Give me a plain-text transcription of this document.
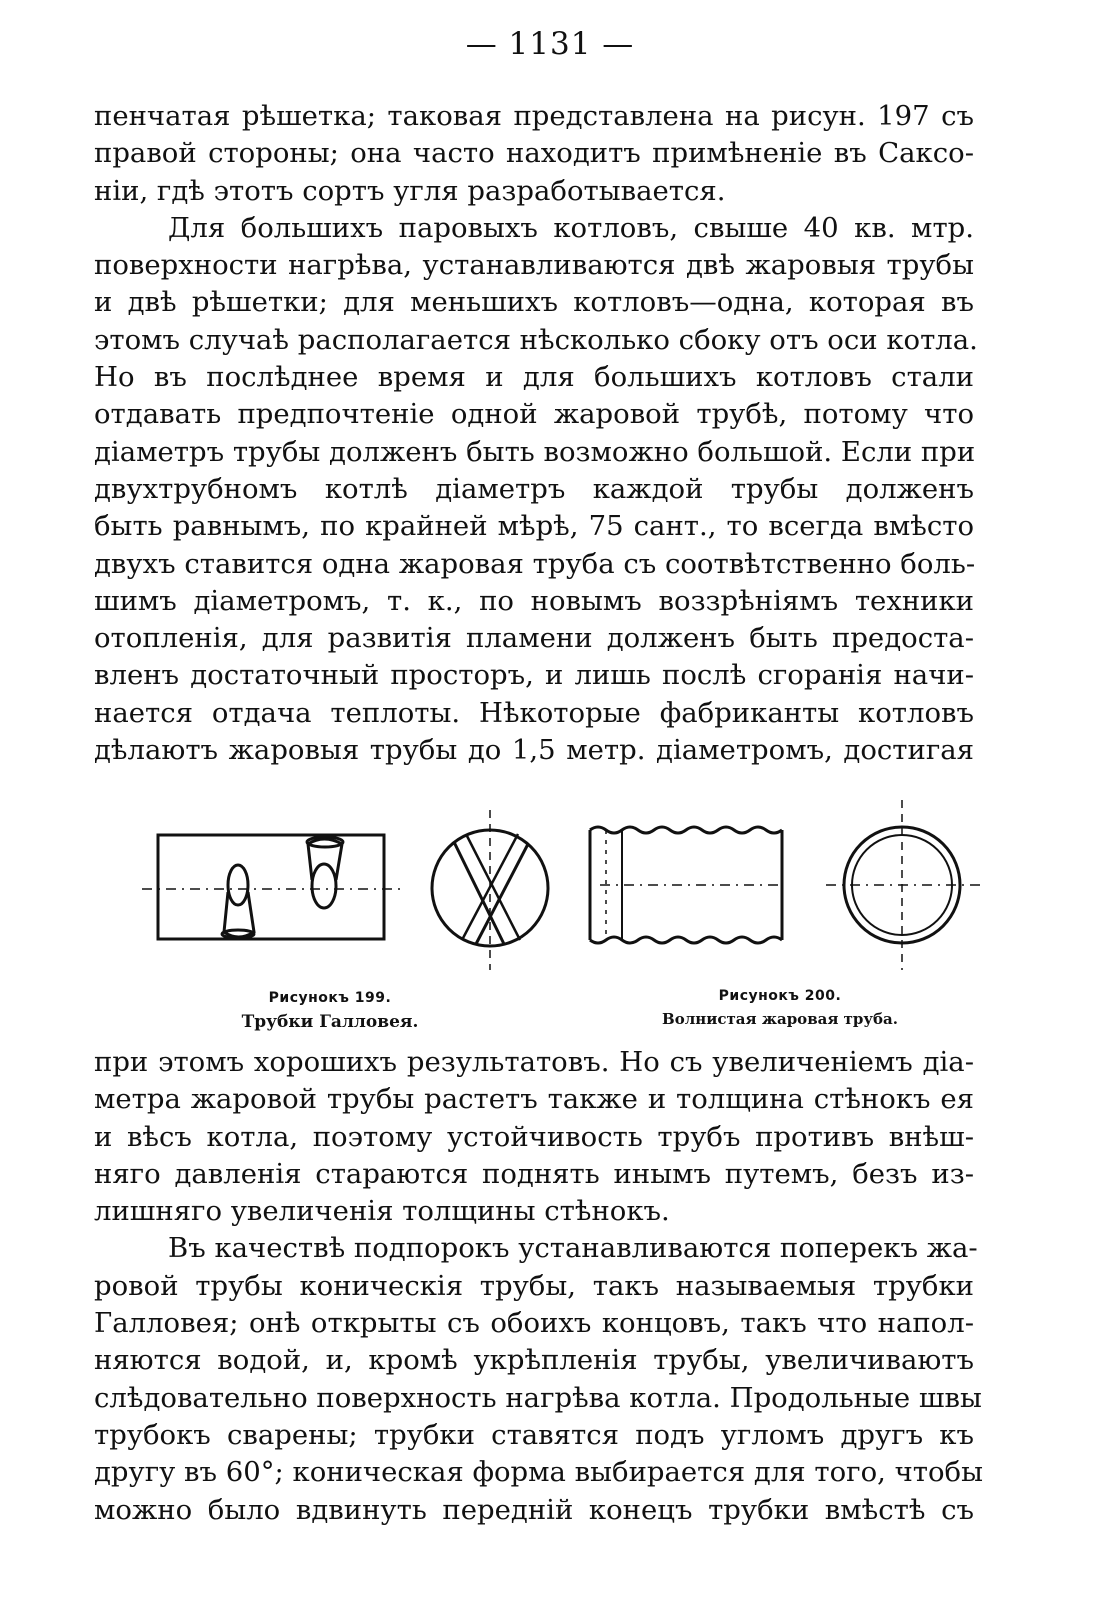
— 1131 —
пенчатая рѣшетка; таковая представлена на рисун. 197 съ
правой стороны; она часто находитъ примѣненіе въ Саксо-
ніи, гдѣ этотъ сортъ угля разработывается.
Для большихъ паровыхъ котловъ, свыше 40 кв. мтр.
поверхности нагрѣва, устанавливаются двѣ жаровыя трубы
и двѣ рѣшетки; для меньшихъ котловъ—одна, которая въ
этомъ случаѣ располагается нѣсколько сбоку отъ оси котла.
Но въ послѣднее время и для большихъ котловъ стали
отдавать предпочтеніе одной жаровой трубѣ, потому что
діаметръ трубы долженъ быть возможно большой. Если при
двухтрубномъ котлѣ діаметръ каждой трубы долженъ
быть равнымъ, по крайней мѣрѣ, 75 сант., то всегда вмѣсто
двухъ ставится одна жаровая труба съ соотвѣтственно боль-
шимъ діаметромъ, т. к., по новымъ воззрѣніямъ техники
отопленія, для развитія пламени долженъ быть предоста-
вленъ достаточный просторъ, и лишь послѣ сгоранія начи-
нается отдача теплоты. Нѣкоторые фабриканты котловъ
дѣлаютъ жаровыя трубы до 1,5 метр. діаметромъ, достигая
Рисунокъ 199.
Трубки Галловея.
Рисунокъ 200.
Волнистая жаровая труба.
при этомъ хорошихъ результатовъ. Но съ увеличеніемъ діа-
метра жаровой трубы растетъ также и толщина стѣнокъ ея
и вѣсъ котла, поэтому устойчивость трубъ противъ внѣш-
няго давленія стараются поднять инымъ путемъ, безъ из-
лишняго увеличенія толщины стѣнокъ.
Въ качествѣ подпорокъ устанавливаются поперекъ жа-
ровой трубы коническія трубы, такъ называемыя трубки
Галловея; онѣ открыты съ обоихъ концовъ, такъ что напол-
няются водой, и, кромѣ укрѣпленія трубы, увеличиваютъ
слѣдовательно поверхность нагрѣва котла. Продольные швы
трубокъ сварены; трубки ставятся подъ угломъ другъ къ
другу въ 60°; коническая форма выбирается для того, чтобы
можно было вдвинуть передній конецъ трубки вмѣстѣ съ
